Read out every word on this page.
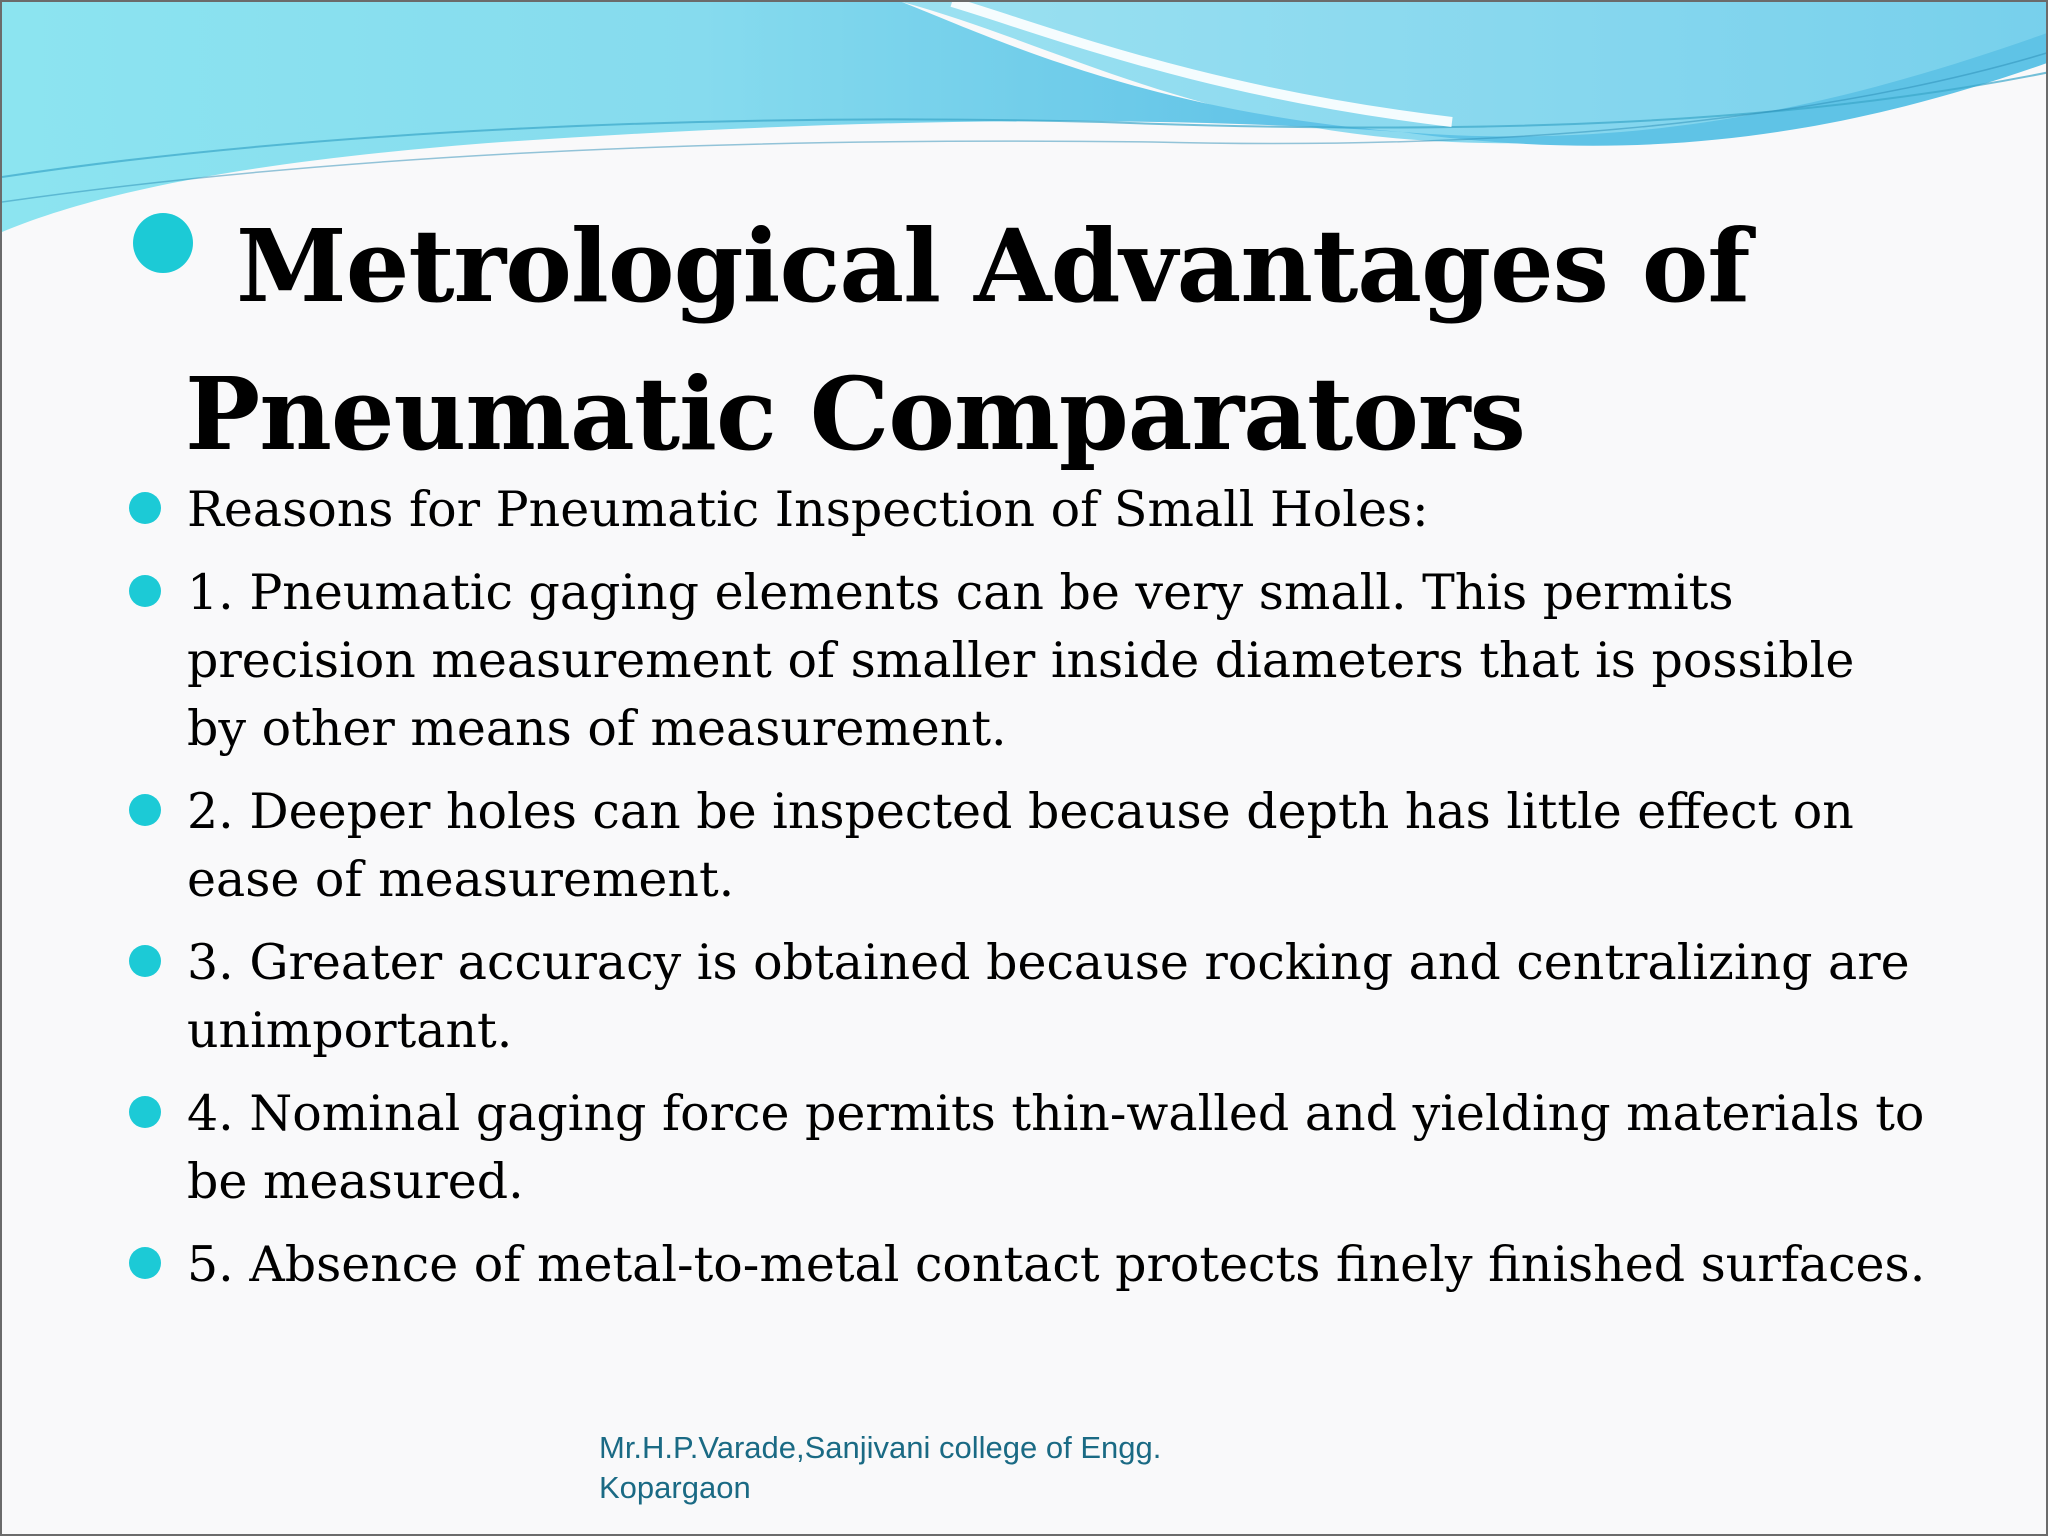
Metrological Advantages of
Pneumatic Comparators
Reasons for Pneumatic Inspection of Small Holes:
1. Pneumatic gaging elements can be very small. This permits precision measurement of smaller inside diameters that is possible by other means of measurement.
2. Deeper holes can be inspected because depth has little effect on ease of measurement.
3. Greater accuracy is obtained because rocking and centralizing are unimportant.
4. Nominal gaging force permits thin-walled and yielding materials to be measured.
5. Absence of metal-to-metal contact protects finely finished surfaces.
Mr.H.P.Varade,Sanjivani college of Engg.
Kopargaon
